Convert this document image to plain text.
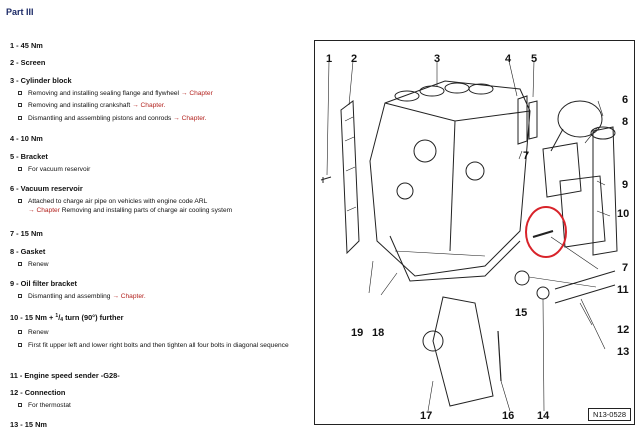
Part III
1 - 45 Nm
2 - Screen
3 - Cylinder block
Removing and installing sealing flange and flywheel → Chapter
Removing and installing crankshaft → Chapter.
Dismantling and assembling pistons and conrods → Chapter.
4 - 10 Nm
5 - Bracket
For vacuum reservoir
6 - Vacuum reservoir
Attached to charge air pipe on vehicles with engine code ARL
→ Chapter Removing and installing parts of charge air cooling system
7 - 15 Nm
8 - Gasket
Renew
9 - Oil filter bracket
Dismantling and assembling → Chapter.
10 - 15 Nm + $^1$/4 turn (90°) further
Renew
First fit upper left and lower right bolts and then tighten all four bolts in diagonal sequence
11 - Engine speed sender -G28-
12 - Connection
For thermostat
13 - 15 Nm
1 2	3	4 5
6
8
7
9
10
7
11
15
12
13
19 18
17	16 14	N13-0528
